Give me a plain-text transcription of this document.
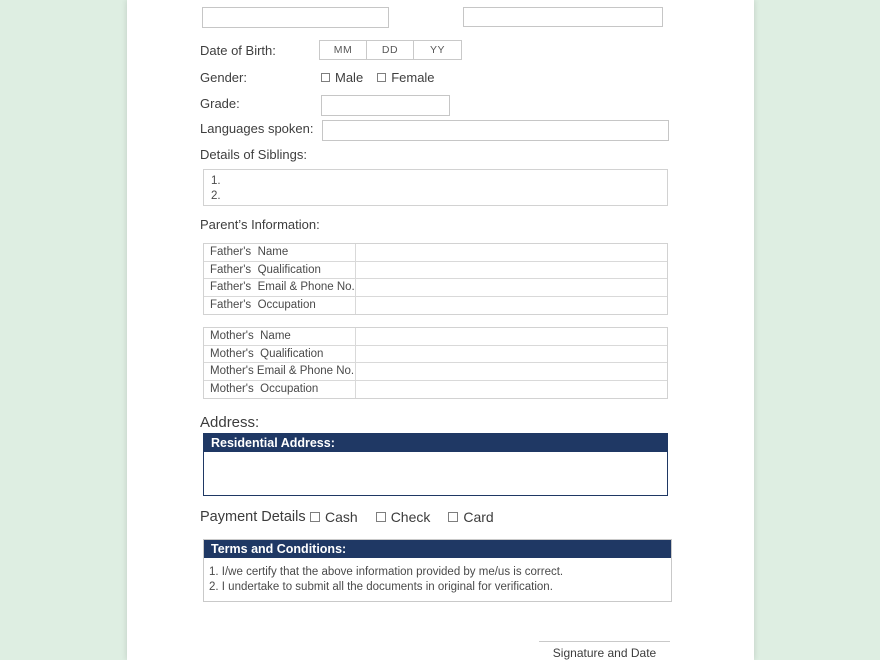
Date of Birth:	MM	DD	YY
Gender:	Male Female
Grade:
Languages spoken:
Details of Siblings:
1.
2.
Parent’s Information:
Father's  Name
Father's  Qualification
Father's  Email & Phone No.
Father's  Occupation
Mother's  Name
Mother's  Qualification
Mother's Email & Phone No.
Mother's  Occupation
Address:
Residential Address:
Payment Details Cash Check Card
Terms and Conditions:
1. I/we certify that the above information provided by me/us is correct.
2. I undertake to submit all the documents in original for verification.
Signature and Date
